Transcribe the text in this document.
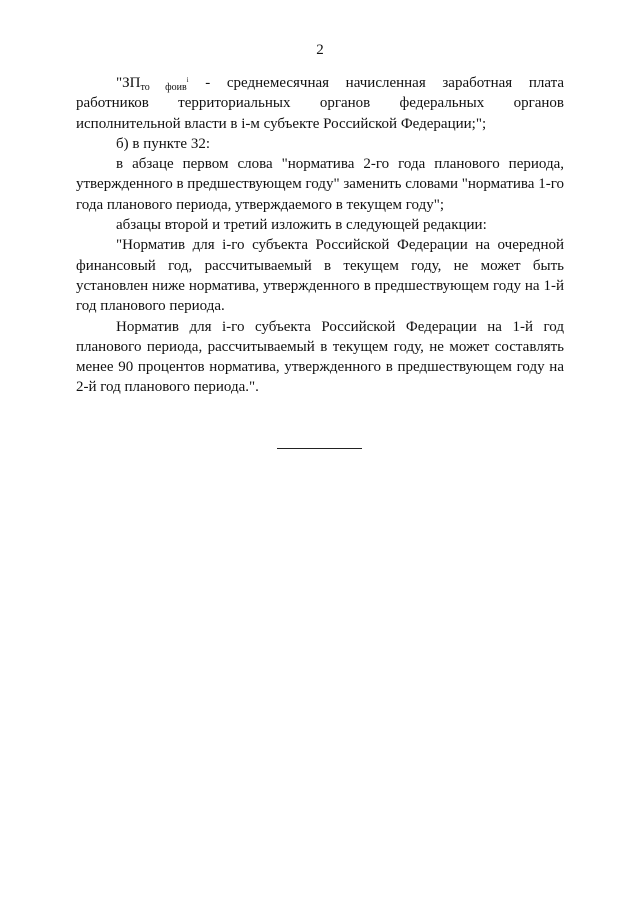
2

"$ЗП_{то фоив}^i$ - среднемесячная начисленная заработная плата

работников территориальных органов федеральных органов

исполнительной власти в i-м субъекте Российской Федерации;";

б) в пункте 32:

в абзаце первом слова "норматива 2-го года планового периода, утвержденного в предшествующем году" заменить словами "норматива 1-го года планового периода, утверждаемого в текущем году";

абзацы второй и третий изложить в следующей редакции:

"Норматив для i-го субъекта Российской Федерации на очередной финансовый год, рассчитываемый в текущем году, не может быть установлен ниже норматива, утвержденного в предшествующем году на 1-й год планового периода.

Норматив для i-го субъекта Российской Федерации на 1-й год планового периода, рассчитываемый в текущем году, не может составлять менее 90 процентов норматива, утвержденного в предшествующем году на 2-й год планового периода.".
